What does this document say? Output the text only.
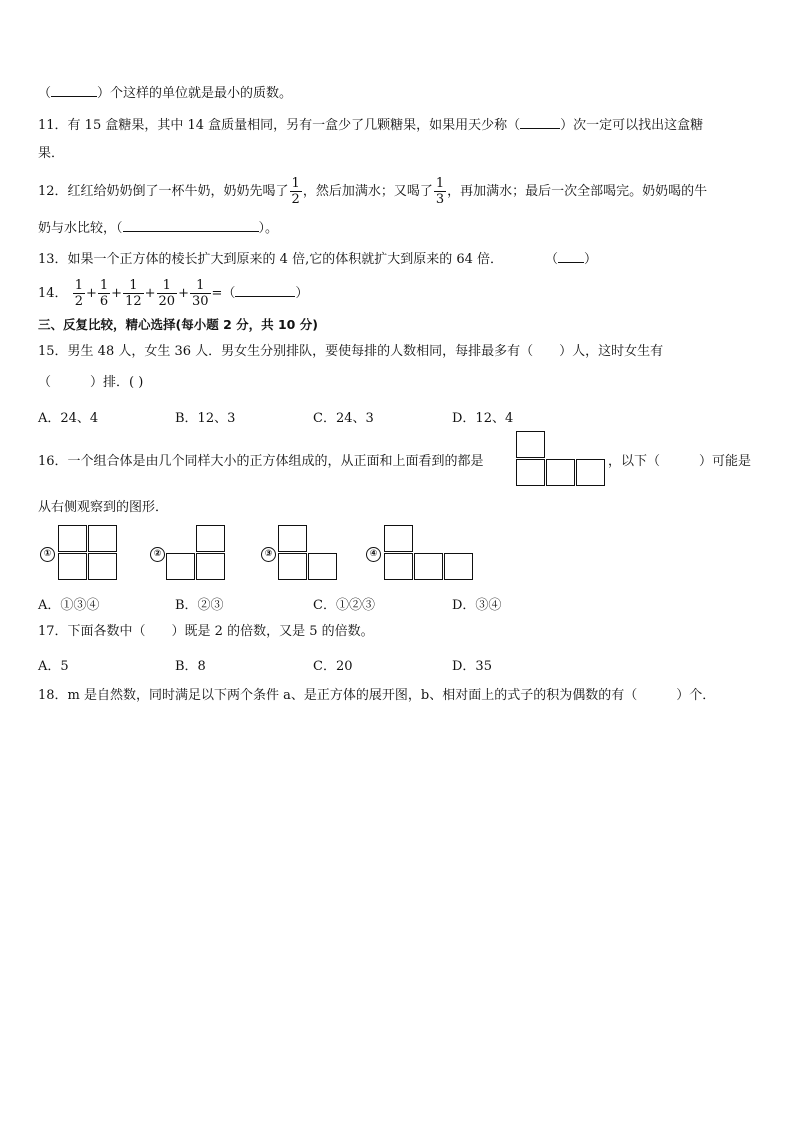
（	）个这样的单位就是最小的质数。
11．有 15 盒糖果，其中 14 盒质量相同，另有一盒少了几颗糖果，如果用天少称（	）次一定可以找出这盒糖
果．
12．红红给奶奶倒了一杯牛奶，奶奶先喝了 $\frac{1}{2}$ ，然后加满水；又喝了 $\frac{1}{3}$ ，再加满水；最后一次全部喝完。奶奶喝的牛
奶与水比较，（	）。
13．如果一个正方体的棱长扩大到原来的 4 倍,它的体积就扩大到原来的 64 倍．	（ ）
14． $\frac{1}{2} + \frac{1}{6} + \frac{1}{12} + \frac{1}{20} + \frac{1}{30}$ =（	）
三、反复比较，精心选择(每小题 2 分，共 10 分)
15．男生 48 人，女生 36 人．男女生分别排队，要使每排的人数相同，每排最多有（　　）人，这时女生有
（　　　）排．( )
A．24、4	B．12、3	C．24、3	D．12、4
16．一个组合体是由几个同样大小的正方体组成的，从正面和上面看到的都是	，以下（　　　）可能是
从右侧观察到的图形．
①	②	③	④
A．①③④	B．②③	C．①②③	D．③④
17．下面各数中（　　）既是 2 的倍数，又是 5 的倍数。
A．5	B．8	C．20	D．35
18．m 是自然数，同时满足以下两个条件 a、是正方体的展开图，b、相对面上的式子的积为偶数的有（　　　）个．
